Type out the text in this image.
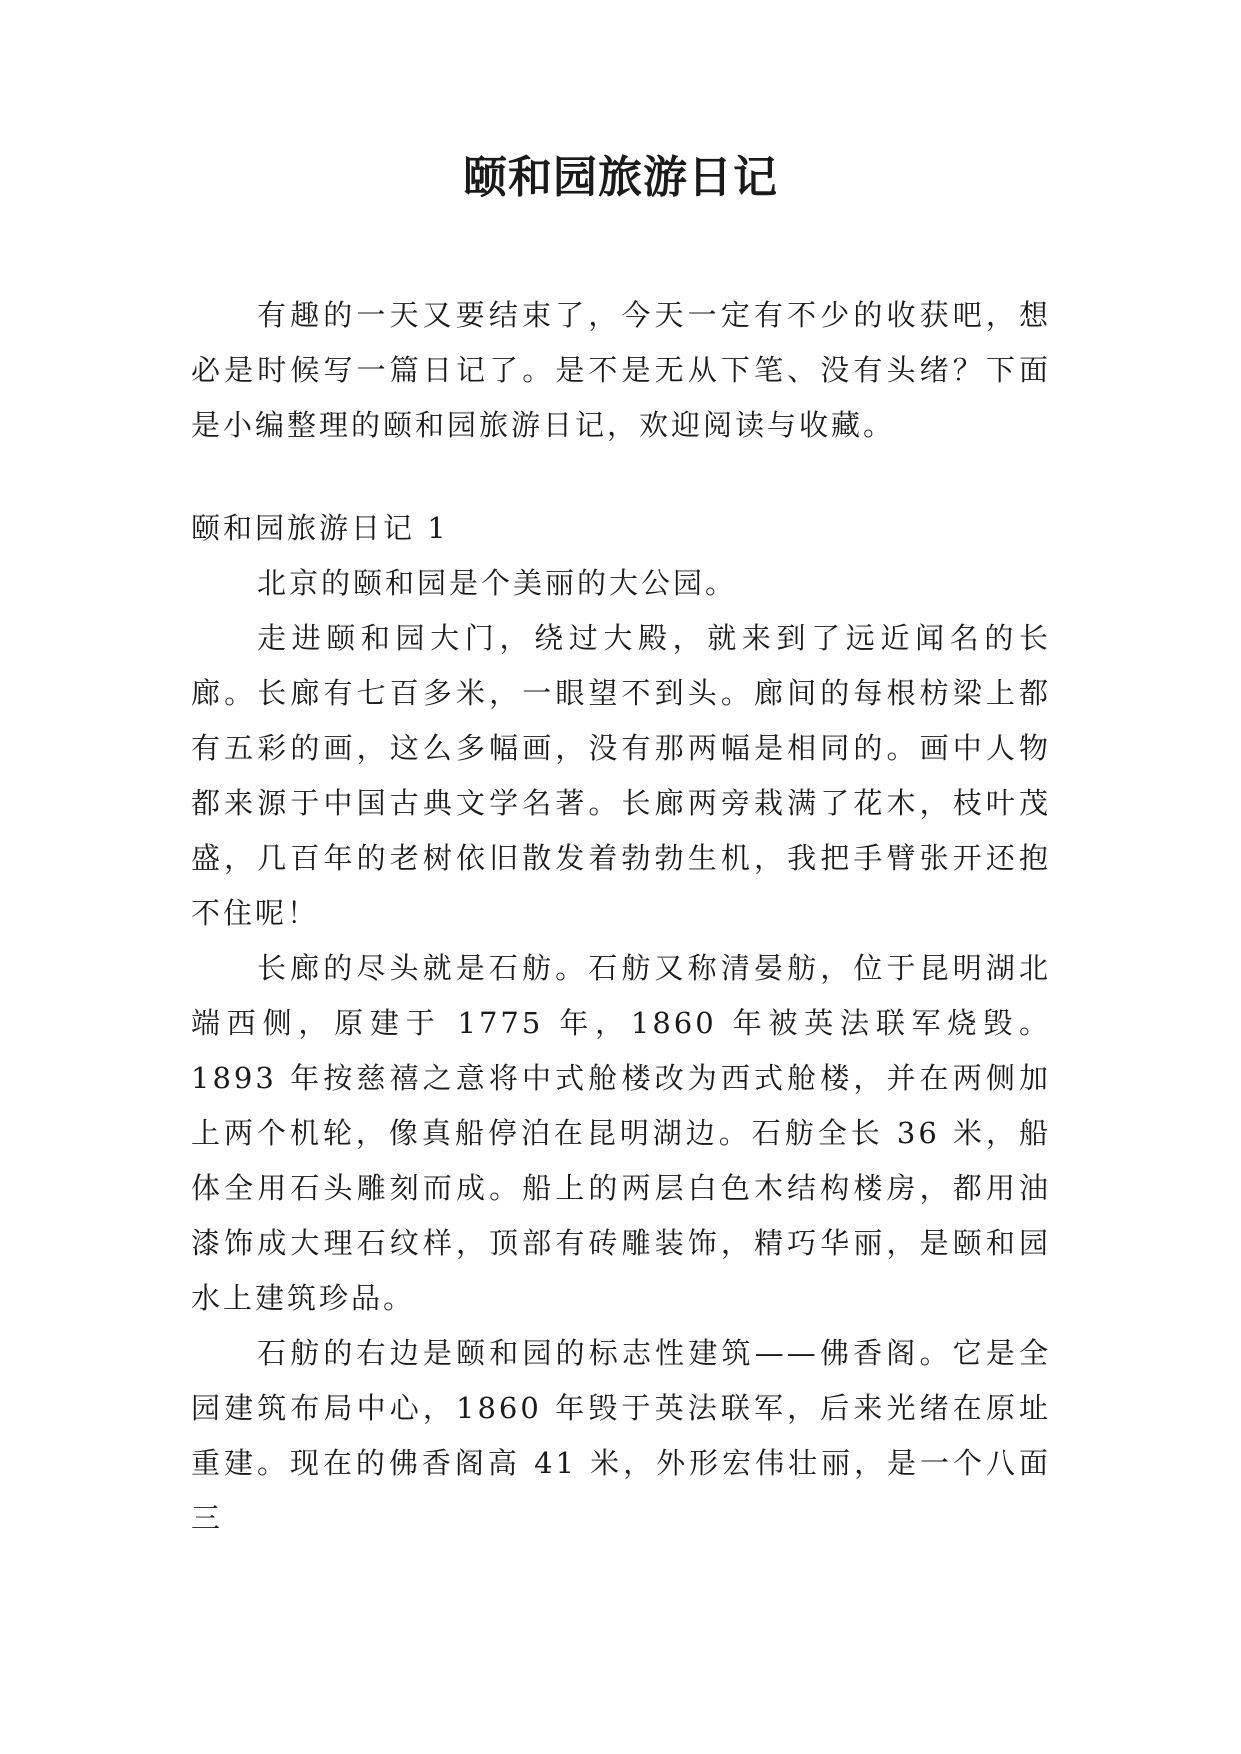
颐和园旅游日记

有趣的一天又要结束了，今天一定有不少的收获吧，想必是时候写一篇日记了。是不是无从下笔、没有头绪？下面是小编整理的颐和园旅游日记，欢迎阅读与收藏。

颐和园旅游日记 1

北京的颐和园是个美丽的大公园。

走进颐和园大门，绕过大殿，就来到了远近闻名的长廊。长廊有七百多米，一眼望不到头。廊间的每根枋梁上都有五彩的画，这么多幅画，没有那两幅是相同的。画中人物都来源于中国古典文学名著。长廊两旁栽满了花木，枝叶茂盛，几百年的老树依旧散发着勃勃生机，我把手臂张开还抱不住呢！

长廊的尽头就是石舫。石舫又称清晏舫，位于昆明湖北端西侧，原建于 1775 年，1860 年被英法联军烧毁。1893 年按慈禧之意将中式舱楼改为西式舱楼，并在两侧加上两个机轮，像真船停泊在昆明湖边。石舫全长 36 米，船体全用石头雕刻而成。船上的两层白色木结构楼房，都用油漆饰成大理石纹样，顶部有砖雕装饰，精巧华丽，是颐和园水上建筑珍品。

石舫的右边是颐和园的标志性建筑——佛香阁。它是全园建筑布局中心，1860 年毁于英法联军，后来光绪在原址重建。现在的佛香阁高 41 米，外形宏伟壮丽，是一个八面三
